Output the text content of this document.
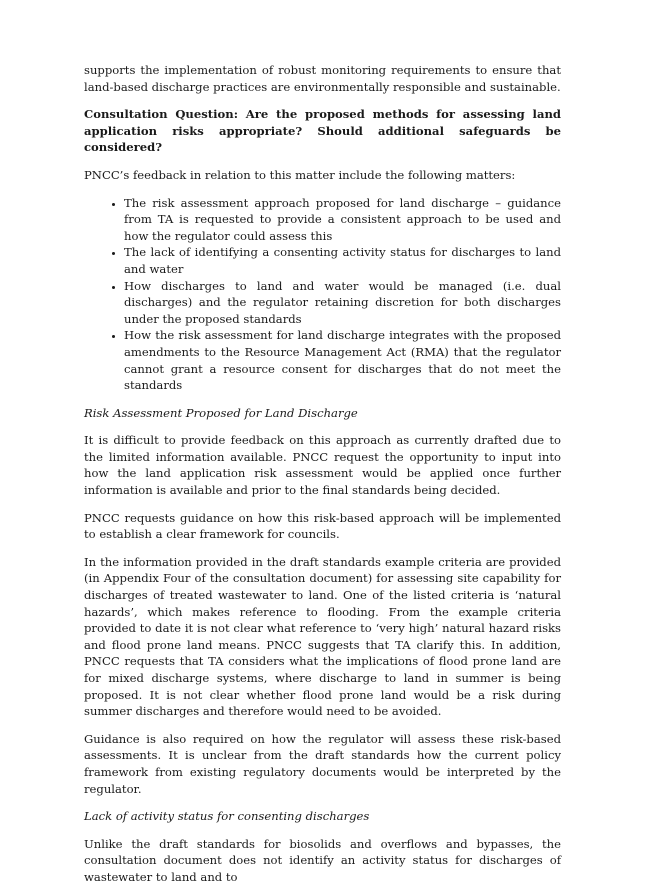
supports the implementation of robust monitoring requirements to ensure that land-based discharge practices are environmentally responsible and sustainable.

Consultation Question: Are the proposed methods for assessing land application risks appropriate? Should additional safeguards be considered?

PNCC’s feedback in relation to this matter include the following matters:

• The risk assessment approach proposed for land discharge – guidance from TA is requested to provide a consistent approach to be used and how the regulator could assess this
• The lack of identifying a consenting activity status for discharges to land and water
• How discharges to land and water would be managed (i.e. dual discharges) and the regulator retaining discretion for both discharges under the proposed standards
• How the risk assessment for land discharge integrates with the proposed amendments to the Resource Management Act (RMA) that the regulator cannot grant a resource consent for discharges that do not meet the standards

Risk Assessment Proposed for Land Discharge

It is difficult to provide feedback on this approach as currently drafted due to the limited information available. PNCC request the opportunity to input into how the land application risk assessment would be applied once further information is available and prior to the final standards being decided.

PNCC requests guidance on how this risk-based approach will be implemented to establish a clear framework for councils.

In the information provided in the draft standards example criteria are provided (in Appendix Four of the consultation document) for assessing site capability for discharges of treated wastewater to land. One of the listed criteria is ‘natural hazards’, which makes reference to flooding. From the example criteria provided to date it is not clear what reference to ‘very high’ natural hazard risks and flood prone land means. PNCC suggests that TA clarify this. In addition, PNCC requests that TA considers what the implications of flood prone land are for mixed discharge systems, where discharge to land in summer is being proposed. It is not clear whether flood prone land would be a risk during summer discharges and therefore would need to be avoided.

Guidance is also required on how the regulator will assess these risk-based assessments. It is unclear from the draft standards how the current policy framework from existing regulatory documents would be interpreted by the regulator.

Lack of activity status for consenting discharges

Unlike the draft standards for biosolids and overflows and bypasses, the consultation document does not identify an activity status for discharges of wastewater to land and to
